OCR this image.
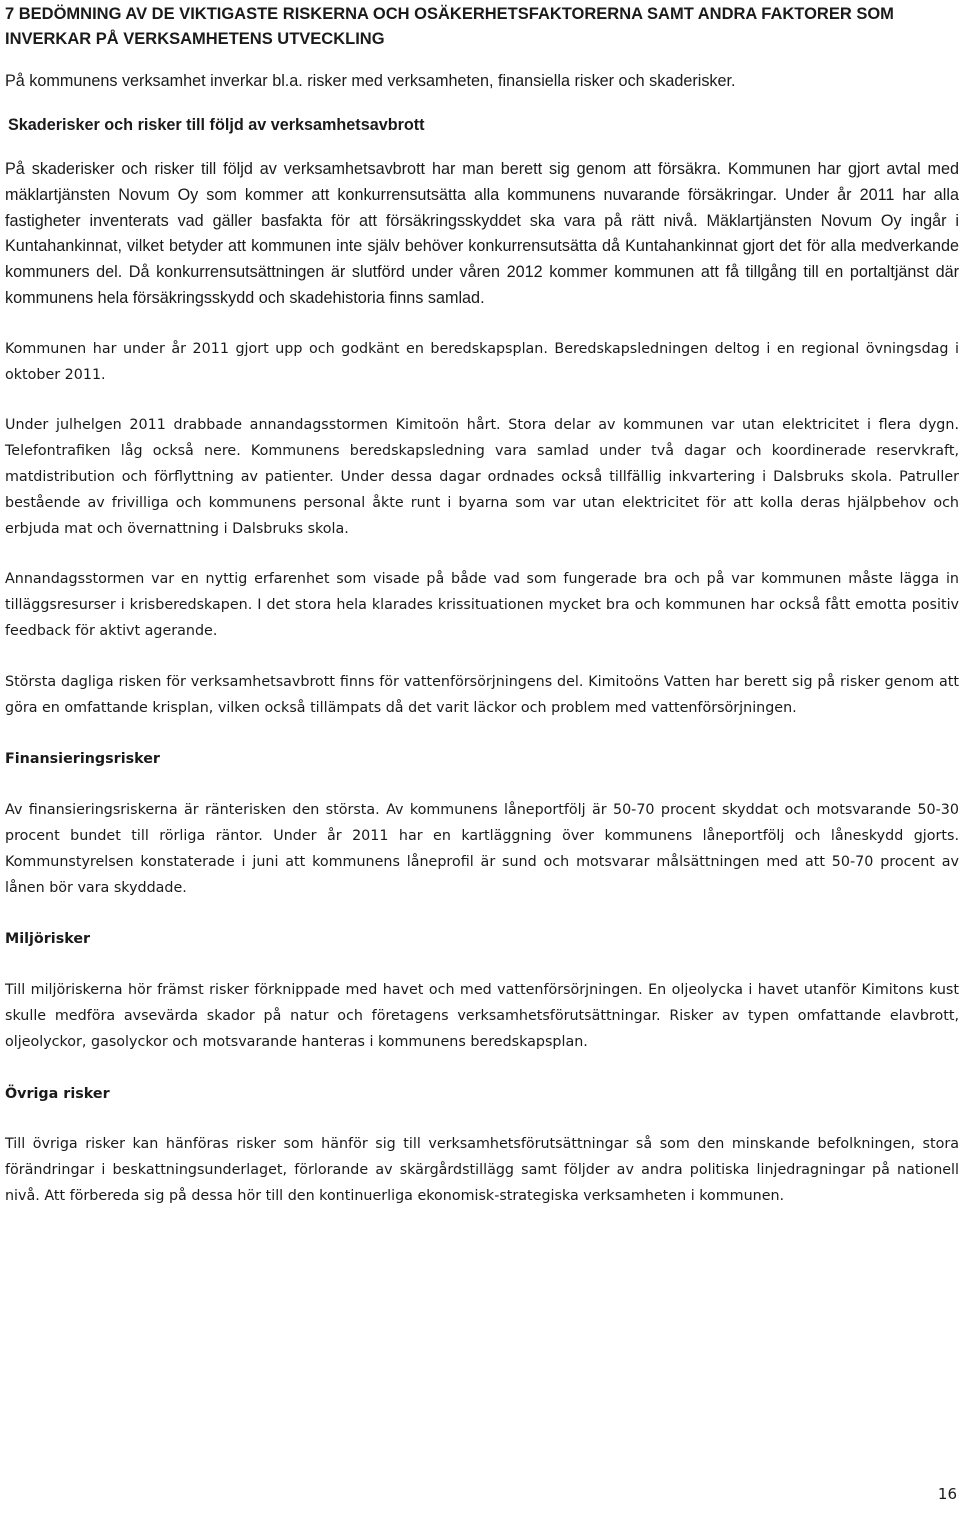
7 BEDÖMNING AV DE VIKTIGASTE RISKERNA OCH OSÄKERHETSFAKTORERNA SAMT ANDRA FAKTORER SOM INVERKAR PÅ VERKSAMHETENS UTVECKLING

På kommunens verksamhet inverkar bl.a. risker med verksamheten, finansiella risker och skaderisker.

Skaderisker och risker till följd av verksamhetsavbrott

På skaderisker och risker till följd av verksamhetsavbrott har man berett sig genom att försäkra. Kommunen har gjort avtal med mäklartjänsten Novum Oy som kommer att konkurrensutsätta alla kommunens nuvarande försäkringar. Under år 2011 har alla fastigheter inventerats vad gäller basfakta för att försäkringsskyddet ska vara på rätt nivå. Mäklartjänsten Novum Oy ingår i Kuntahankinnat, vilket betyder att kommunen inte själv behöver konkurrensutsätta då Kuntahankinnat gjort det för alla medverkande kommuners del. Då konkurrensutsättningen är slutförd under våren 2012 kommer kommunen att få tillgång till en portaltjänst där kommunens hela försäkringsskydd och skadehistoria finns samlad.

Kommunen har under år 2011 gjort upp och godkänt en beredskapsplan. Beredskapsledningen deltog i en regional övningsdag i oktober 2011.

Under julhelgen 2011 drabbade annandagsstormen Kimitoön hårt. Stora delar av kommunen var utan elektricitet i flera dygn. Telefontrafiken låg också nere. Kommunens beredskapsledning vara samlad under två dagar och koordinerade reservkraft, matdistribution och förflyttning av patienter. Under dessa dagar ordnades också tillfällig inkvartering i Dalsbruks skola. Patruller bestående av frivilliga och kommunens personal åkte runt i byarna som var utan elektricitet för att kolla deras hjälpbehov och erbjuda mat och övernattning i Dalsbruks skola.

Annandagsstormen var en nyttig erfarenhet som visade på både vad som fungerade bra och på var kommunen måste lägga in tilläggsresurser i krisberedskapen. I det stora hela klarades krissituationen mycket bra och kommunen har också fått emotta positiv feedback för aktivt agerande.

Största dagliga risken för verksamhetsavbrott finns för vattenförsörjningens del. Kimitoöns Vatten har berett sig på risker genom att göra en omfattande krisplan, vilken också tillämpats då det varit läckor och problem med vattenförsörjningen.

Finansieringsrisker

Av finansieringsriskerna är ränterisken den största. Av kommunens låneportfölj är 50-70 procent skyddat och motsvarande 50-30 procent bundet till rörliga räntor. Under år 2011 har en kartläggning över kommunens låneportfölj och låneskydd gjorts. Kommunstyrelsen konstaterade i juni att kommunens låneprofil är sund och motsvarar målsättningen med att 50-70 procent av lånen bör vara skyddade.

Miljörisker

Till miljöriskerna hör främst risker förknippade med havet och med vattenförsörjningen. En oljeolycka i havet utanför Kimitons kust skulle medföra avsevärda skador på natur och företagens verksamhetsförutsättningar. Risker av typen omfattande elavbrott, oljeolyckor, gasolyckor och motsvarande hanteras i kommunens beredskapsplan.

Övriga risker

Till övriga risker kan hänföras risker som hänför sig till verksamhetsförutsättningar så som den minskande befolkningen, stora förändringar i beskattningsunderlaget, förlorande av skärgårdstillägg samt följder av andra politiska linjedragningar på nationell nivå. Att förbereda sig på dessa hör till den kontinuerliga ekonomisk-strategiska verksamheten i kommunen.

16
